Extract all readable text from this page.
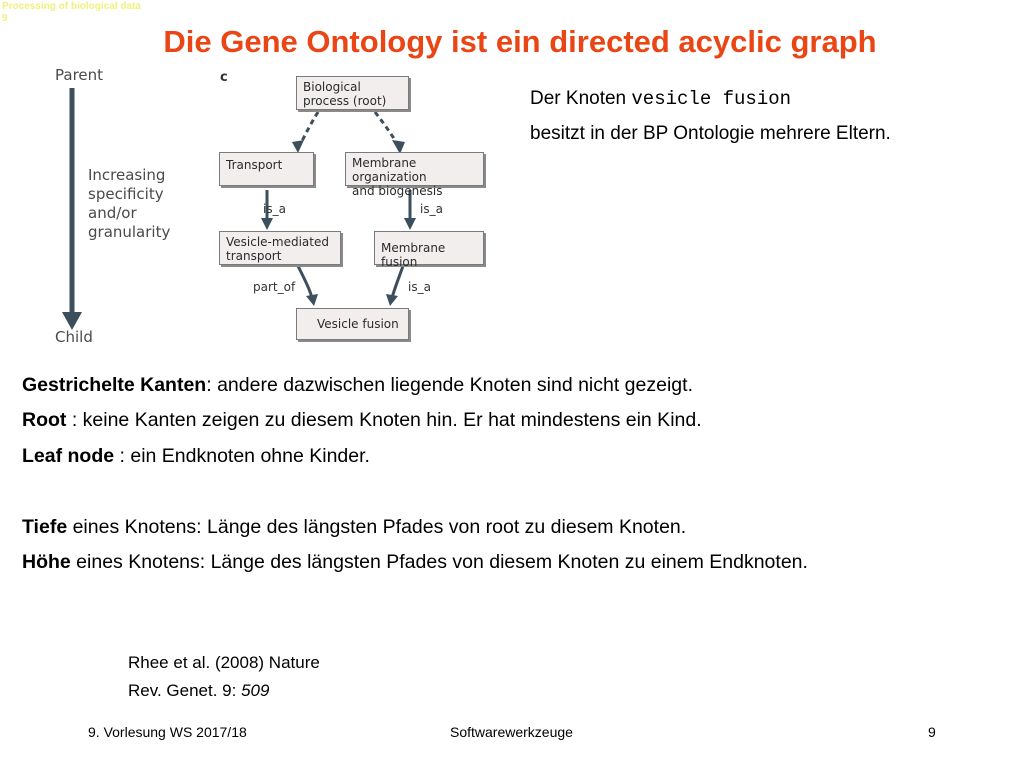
Processing of biological data
9
Die Gene Ontology ist ein directed acyclic graph
Parent
Child
Increasing
specificity
and/or
granularity
c
Biological
process (root)
Transport	Membrane organization
and biogenesis
Vesicle-mediated
transport
Membrane fusion
Vesicle fusion
is_a	is_a
part_of	is_a
Der Knoten vesicle fusion
besitzt in der BP Ontologie mehrere Eltern.
Gestrichelte Kanten: andere dazwischen liegende Knoten sind nicht gezeigt.
Root : keine Kanten zeigen zu diesem Knoten hin. Er hat mindestens ein Kind.
Leaf node : ein Endknoten ohne Kinder.
Tiefe eines Knotens: Länge des längsten Pfades von root zu diesem Knoten.
Höhe eines Knotens: Länge des längsten Pfades von diesem Knoten zu einem Endknoten.
Rhee et al. (2008) Nature
Rev. Genet. 9: 509
9. Vorlesung WS 2017/18	Softwarewerkzeuge	9
